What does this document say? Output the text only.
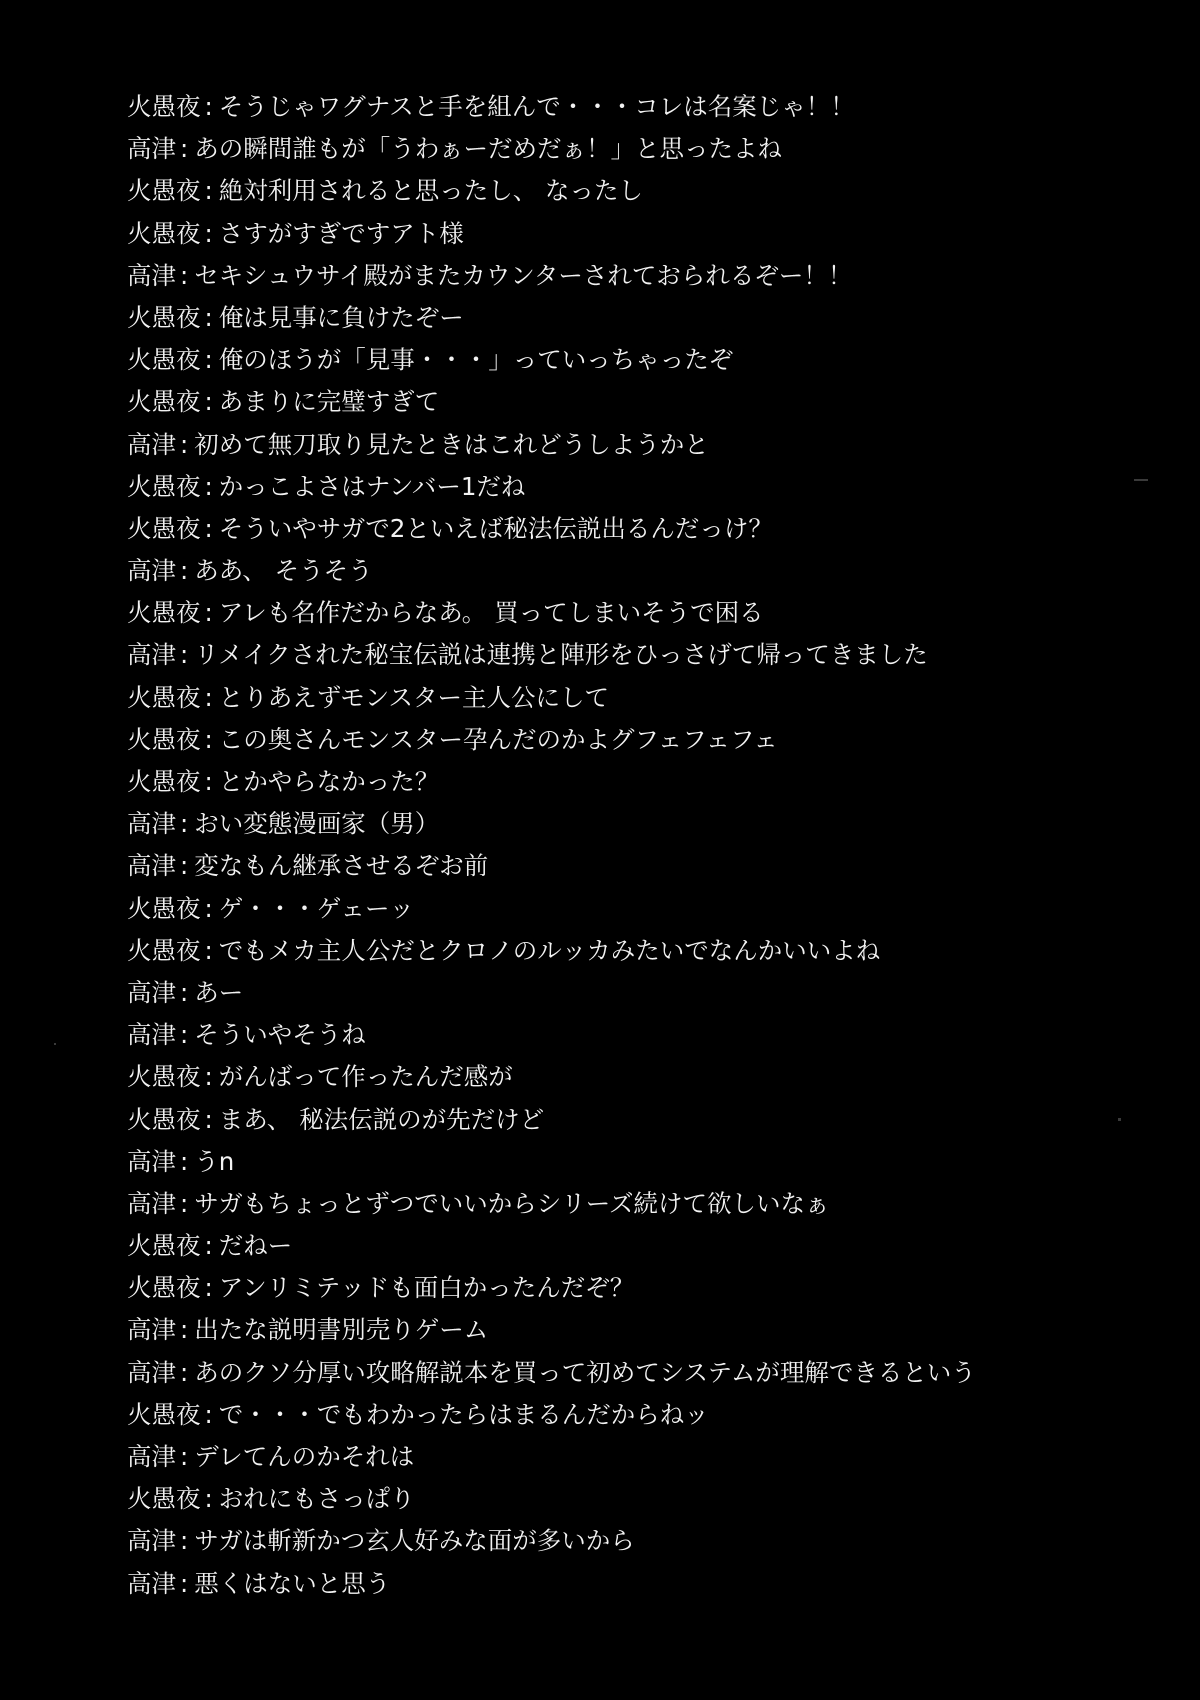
火愚夜 : そうじゃワグナスと手を組んで・・・コレは名案じゃ！！
高津 : あの瞬間誰もが「うわぁーだめだぁ！」と思ったよね
火愚夜 : 絶対利用されると思ったし、 なったし
火愚夜 : さすがすぎですアト様
高津 : セキシュウサイ殿がまたカウンターされておられるぞー！！
火愚夜 : 俺は見事に負けたぞー
火愚夜 : 俺のほうが「見事・・・」っていっちゃったぞ
火愚夜 : あまりに完璧すぎて
高津 : 初めて無刀取り見たときはこれどうしようかと
火愚夜 : かっこよさはナンバー1だね
火愚夜 : そういやサガで2といえば秘法伝説出るんだっけ？
高津 : ああ、 そうそう
火愚夜 : アレも名作だからなあ。 買ってしまいそうで困る
高津 : リメイクされた秘宝伝説は連携と陣形をひっさげて帰ってきました
火愚夜 : とりあえずモンスター主人公にして
火愚夜 : この奥さんモンスター孕んだのかよグフェフェフェ
火愚夜 : とかやらなかった？
高津 : おい変態漫画家（男）
高津 : 変なもん継承させるぞお前
火愚夜 : ゲ・・・ゲェーッ
火愚夜 : でもメカ主人公だとクロノのルッカみたいでなんかいいよね
高津 : あー
高津 : そういやそうね
火愚夜 : がんばって作ったんだ感が
火愚夜 : まあ、 秘法伝説のが先だけど
高津 : うn
高津 : サガもちょっとずつでいいからシリーズ続けて欲しいなぁ
火愚夜 : だねー
火愚夜 : アンリミテッドも面白かったんだぞ？
高津 : 出たな説明書別売りゲーム
高津 : あのクソ分厚い攻略解説本を買って初めてシステムが理解できるという
火愚夜 : で・・・でもわかったらはまるんだからねッ
高津 : デレてんのかそれは
火愚夜 : おれにもさっぱり
高津 : サガは斬新かつ玄人好みな面が多いから
高津 : 悪くはないと思う
